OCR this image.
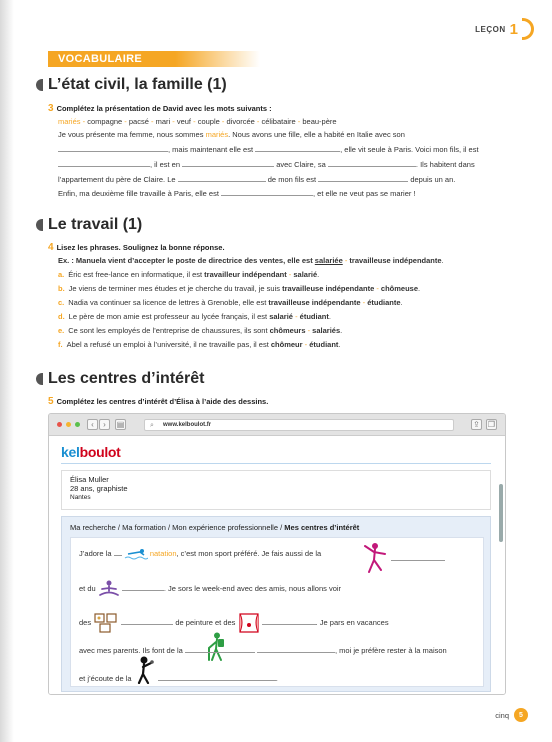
LEÇON 1
VOCABULAIRE
L’état civil, la famille (1)
3 Complétez la présentation de David avec les mots suivants :
mariés - compagne - pacsé - mari - veuf - couple - divorcée - célibataire - beau-père
Je vous présente ma femme, nous sommes mariés. Nous avons une fille, elle a habité en Italie avec son
, mais maintenant elle est	, elle vit seule à Paris. Voici mon fils, il est
, il est en	avec Claire, sa	. Ils habitent dans
l’appartement du père de Claire. Le	de mon fils est	depuis un an.
Enfin, ma deuxième fille travaille à Paris, elle est	, et elle ne veut pas se marier !
Le travail (1)
4 Lisez les phrases. Soulignez la bonne réponse.
Ex. : Manuela vient d’accepter le poste de directrice des ventes, elle est salariée - travailleuse indépendante.
a. Éric est free-lance en informatique, il est travailleur indépendant - salarié.
b. Je viens de terminer mes études et je cherche du travail, je suis travailleuse indépendante - chômeuse.
c. Nadia va continuer sa licence de lettres à Grenoble, elle est travailleuse indépendante - étudiante.
d. Le père de mon amie est professeur au lycée français, il est salarié - étudiant.
e. Ce sont les employés de l’entreprise de chaussures, ils sont chômeurs - salariés.
f. Abel a refusé un emploi à l’université, il ne travaille pas, il est chômeur - étudiant.
Les centres d’intérêt
5 Complétez les centres d’intérêt d’Élisa à l’aide des dessins.
‹	›	▤	⌕ www.kelboulot.fr	⇪ ❐
kelboulot
Élisa Muller
28 ans, graphiste
Nantes
Ma recherche / Ma formation / Mon expérience professionnelle / Mes centres d’intérêt
J’adore la	natation, c’est mon sport préféré. Je fais aussi de la
et du	. Je sors le week-end avec des amis, nous allons voir
des	de peinture et des	. Je pars en vacances
avec mes parents. Ils font de la	, moi je préfère rester à la maison
et j’écoute de la	.
cinq	5
